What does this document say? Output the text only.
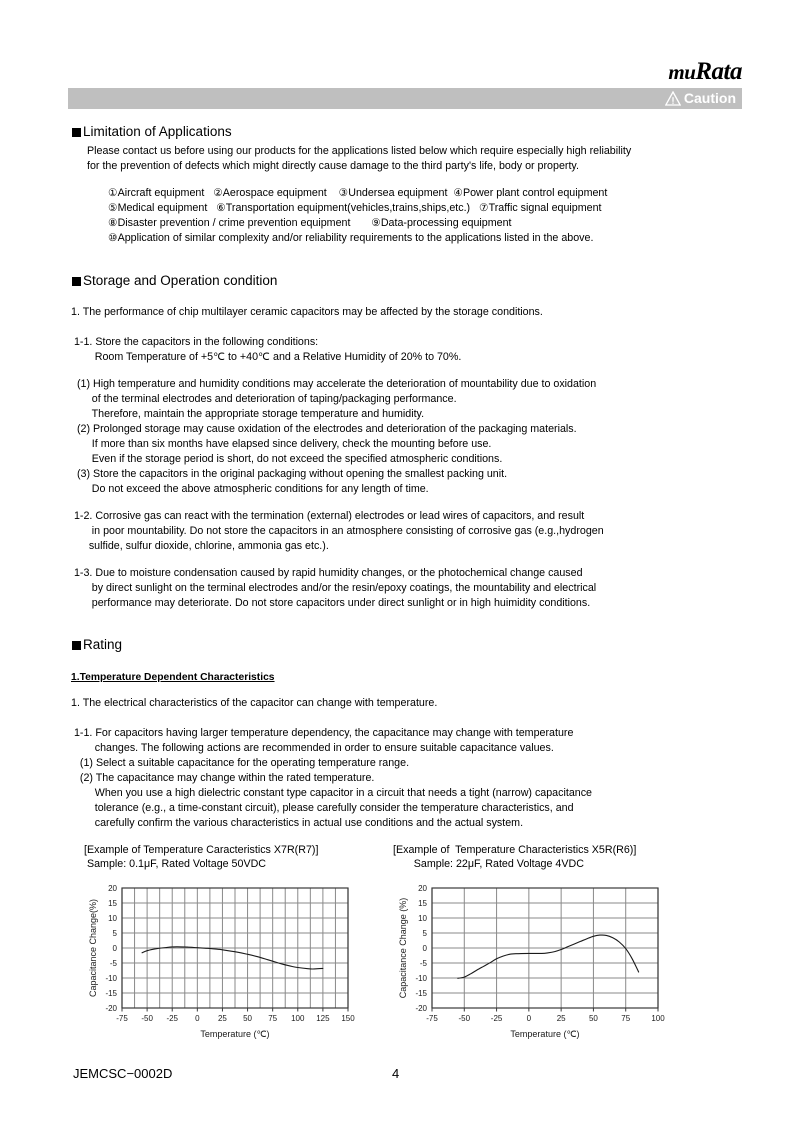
muRata
Caution
Limitation of Applications
Please contact us before using our products for the applications listed below which require especially high reliability
for the prevention of defects which might directly cause damage to the third party's life, body or property.
①Aircraft equipment   ②Aerospace equipment    ③Undersea equipment  ④Power plant control equipment
⑤Medical equipment   ⑥Transportation equipment(vehicles,trains,ships,etc.)   ⑦Traffic signal equipment
⑧Disaster prevention / crime prevention equipment       ⑨Data-processing equipment
⑩Application of similar complexity and/or reliability requirements to the applications listed in the above.
Storage and Operation condition
1. The performance of chip multilayer ceramic capacitors may be affected by the storage conditions.
1-1. Store the capacitors in the following conditions:
Room Temperature of +5℃ to +40℃ and a Relative Humidity of 20% to 70%.
(1) High temperature and humidity conditions may accelerate the deterioration of mountability due to oxidation
of the terminal electrodes and deterioration of taping/packaging performance.
Therefore, maintain the appropriate storage temperature and humidity.
(2) Prolonged storage may cause oxidation of the electrodes and deterioration of the packaging materials.
If more than six months have elapsed since delivery, check the mounting before use.
Even if the storage period is short, do not exceed the specified atmospheric conditions.
(3) Store the capacitors in the original packaging without opening the smallest packing unit.
Do not exceed the above atmospheric conditions for any length of time.
1-2. Corrosive gas can react with the termination (external) electrodes or lead wires of capacitors, and result
in poor mountability. Do not store the capacitors in an atmosphere consisting of corrosive gas (e.g.,hydrogen
sulfide, sulfur dioxide, chlorine, ammonia gas etc.).
1-3. Due to moisture condensation caused by rapid humidity changes, or the photochemical change caused
by direct sunlight on the terminal electrodes and/or the resin/epoxy coatings, the mountability and electrical
performance may deteriorate. Do not store capacitors under direct sunlight or in high huimidity conditions.
Rating
1.Temperature Dependent Characteristics
1. The electrical characteristics of the capacitor can change with temperature.
1-1. For capacitors having larger temperature dependency, the capacitance may change with temperature
changes. The following actions are recommended in order to ensure suitable capacitance values.
(1) Select a suitable capacitance for the operating temperature range.
(2) The capacitance may change within the rated temperature.
When you use a high dielectric constant type capacitor in a circuit that needs a tight (narrow) capacitance
tolerance (e.g., a time-constant circuit), please carefully consider the temperature characteristics, and
carefully confirm the various characteristics in actual use conditions and the actual system.
[Example of Temperature Caracteristics X7R(R7)]
Sample: 0.1μF, Rated Voltage 50VDC
[Example of  Temperature Characteristics X5R(R6)]
Sample: 22μF, Rated Voltage 4VDC
-20
-15
-10
-5
0
5
10
15
20
-75 -50 -25 0 25 50 75 100 125 150
Temperature (℃)
Capacitance Change(%)
-20
-15
-10
-5
0
5
10
15
20
-75	-50	-25	0	25	50	75	100
Temperature (℃)
Capacitance Change (%)
JEMCSC−0002D	4
